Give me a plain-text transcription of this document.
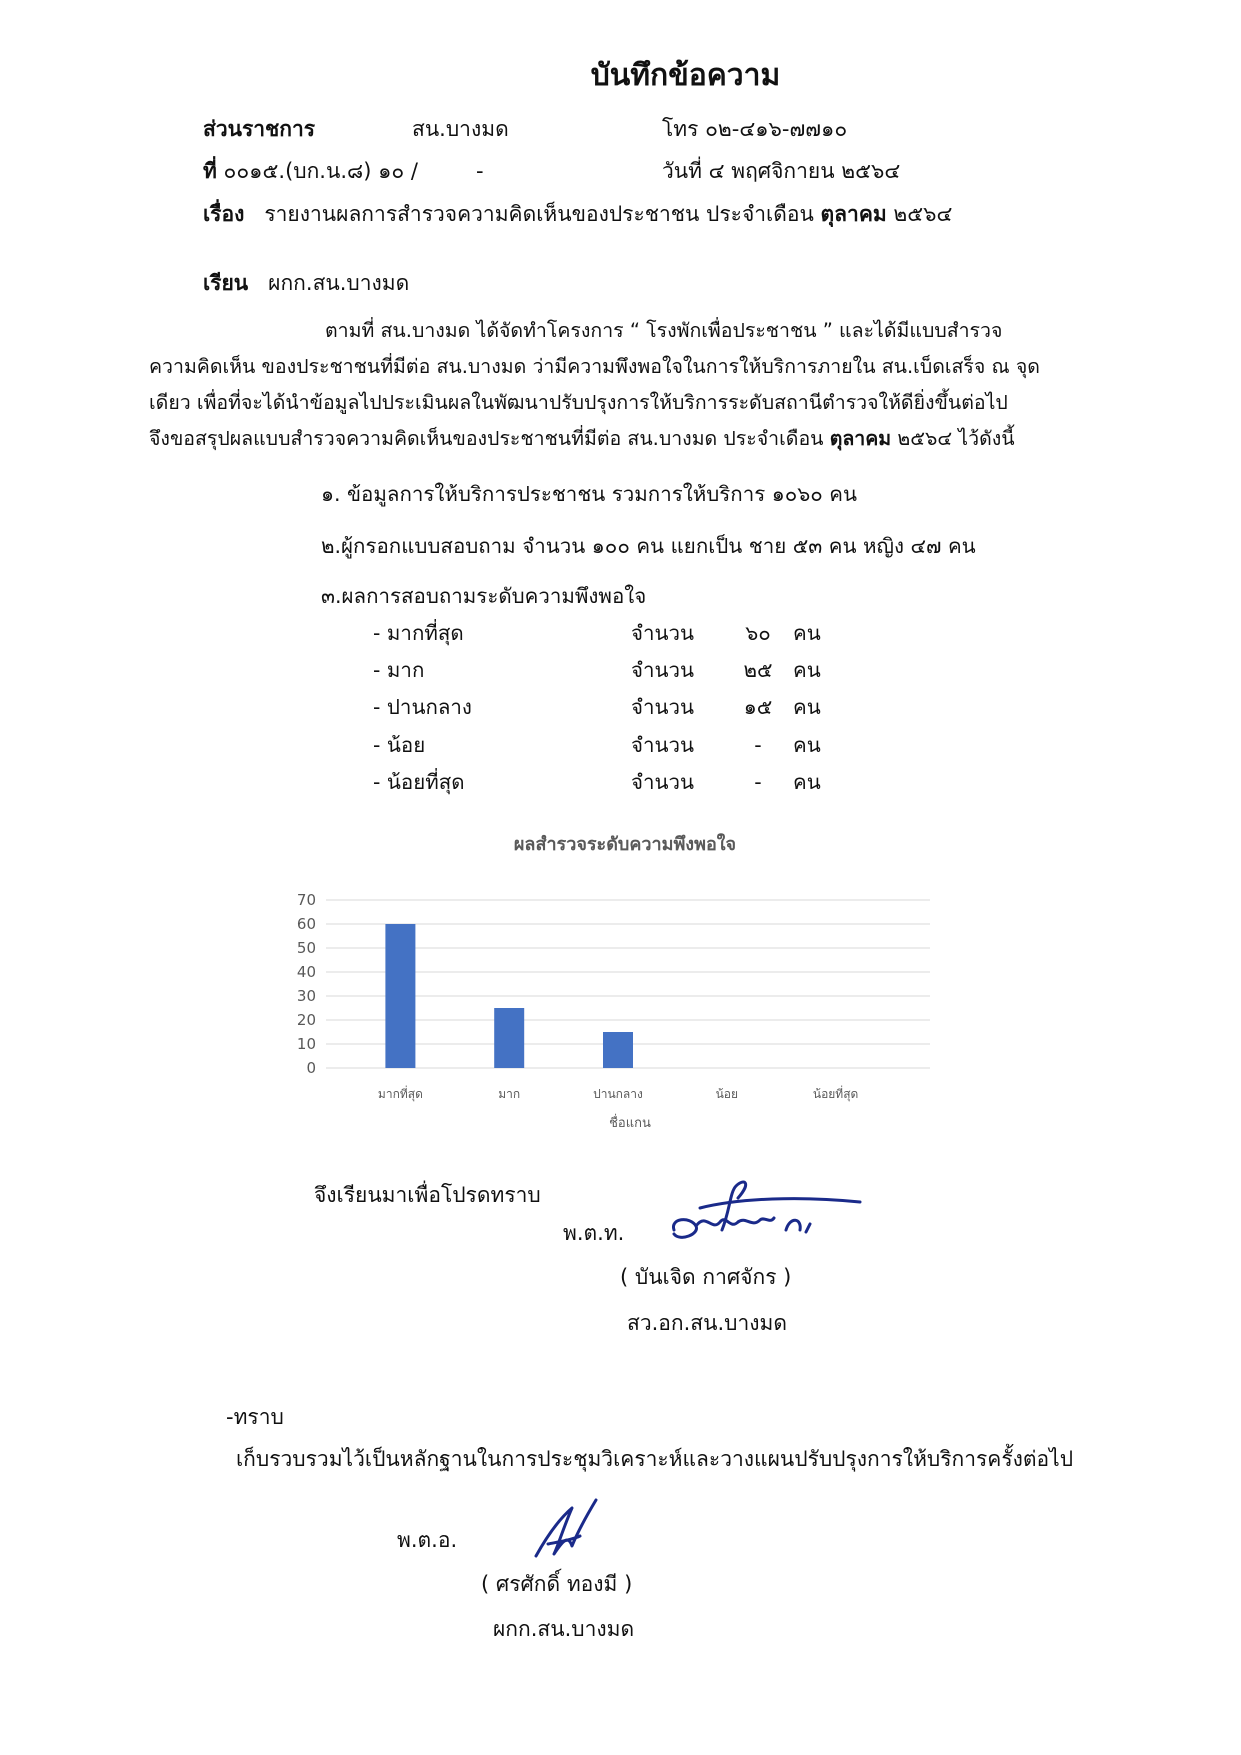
บันทึกข้อความ
ส่วนราชการ	สน.บางมด	โทร ๐๒-๔๑๖-๗๗๑๐
ที่ ๐๐๑๕.(บก.น.๘) ๑๐ /	-	วันที่ ๔ พฤศจิกายน ๒๕๖๔
เรื่อง รายงานผลการสำรวจความคิดเห็นของประชาชน ประจำเดือน ตุลาคม ๒๕๖๔
เรียน ผกก.สน.บางมด
ตามที่ สน.บางมด ได้จัดทำโครงการ “ โรงพักเพื่อประชาชน ” และได้มีแบบสำรวจ
ความคิดเห็น ของประชาชนที่มีต่อ สน.บางมด ว่ามีความพึงพอใจในการให้บริการภายใน สน.เบ็ดเสร็จ ณ จุด
เดียว เพื่อที่จะได้นำข้อมูลไปประเมินผลในพัฒนาปรับปรุงการให้บริการระดับสถานีตำรวจให้ดียิ่งขึ้นต่อไป
จึงขอสรุปผลแบบสำรวจความคิดเห็นของประชาชนที่มีต่อ สน.บางมด ประจำเดือน ตุลาคม ๒๕๖๔ ไว้ดังนี้
๑. ข้อมูลการให้บริการประชาชน รวมการให้บริการ ๑๐๖๐ คน
๒.ผู้กรอกแบบสอบถาม จำนวน ๑๐๐ คน แยกเป็น ชาย ๕๓ คน หญิง ๔๗ คน
๓.ผลการสอบถามระดับความพึงพอใจ
- มากที่สุด	จำนวน	๖๐	คน
- มาก	จำนวน	๒๕ คน
- ปานกลาง	จำนวน	๑๕	คน
- น้อย	จำนวน	-	คน
- น้อยที่สุด	จำนวน	-	คน
ผลสำรวจระดับความพึงพอใจ
0
10
20
30
40
50
60
70
มากที่สุด	มาก	ปานกลาง	น้อย	น้อยที่สุด
ชื่อแกน
จึงเรียนมาเพื่อโปรดทราบ
พ.ต.ท.
( บันเจิด กาศจักร )
สว.อก.สน.บางมด
-ทราบ
เก็บรวบรวมไว้เป็นหลักฐานในการประชุมวิเคราะห์และวางแผนปรับปรุงการให้บริการครั้งต่อไป
พ.ต.อ.
( ศรศักดิ์ ทองมี )
ผกก.สน.บางมด
